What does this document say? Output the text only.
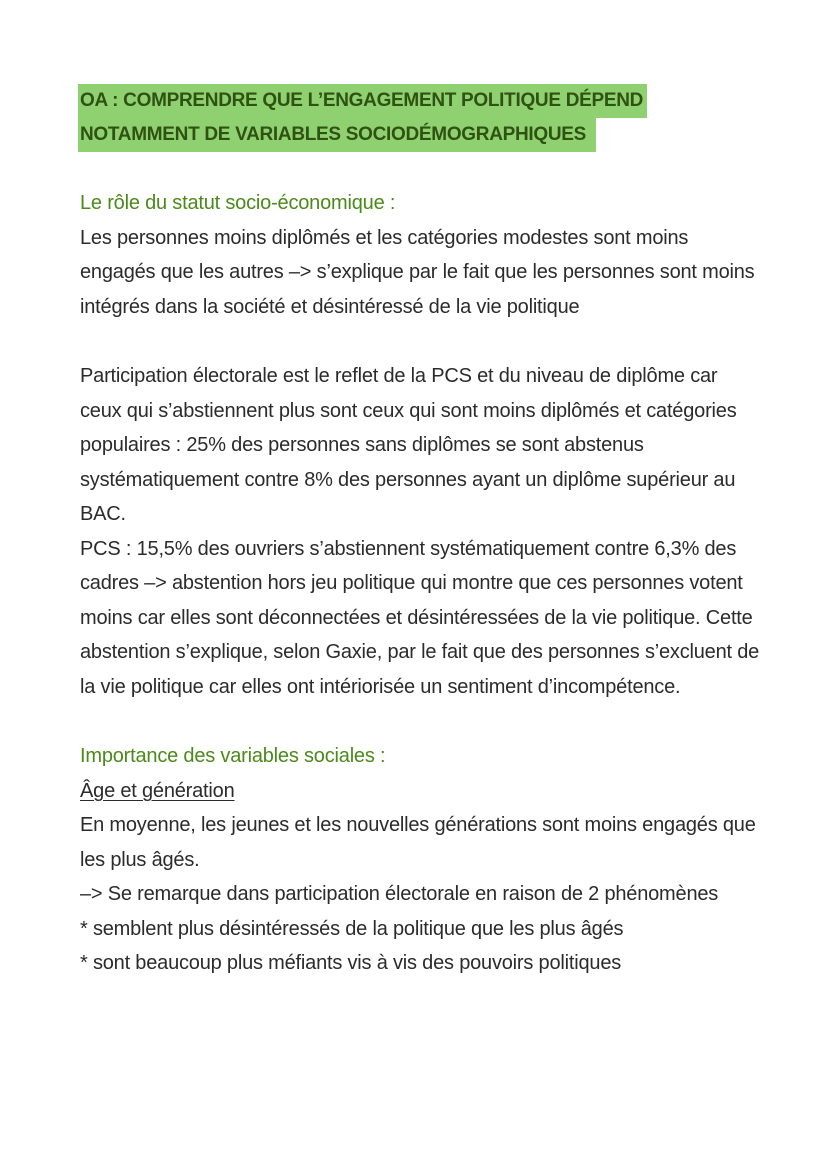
OA : COMPRENDRE QUE L’ENGAGEMENT POLITIQUE DÉPEND
NOTAMMENT DE VARIABLES SOCIODÉMOGRAPHIQUES
Le rôle du statut socio-économique :

Les personnes moins diplômés et les catégories modestes sont moins engagés que les autres –> s’explique par le fait que les personnes sont moins intégrés dans la société et désintéressé de la vie politique

Participation électorale est le reflet de la PCS et du niveau de diplôme car ceux qui s’abstiennent plus sont ceux qui sont moins diplômés et catégories populaires : 25% des personnes sans diplômes se sont abstenus systématiquement contre 8% des personnes ayant un diplôme supérieur au BAC.

PCS : 15,5% des ouvriers s’abstiennent systématiquement contre 6,3% des cadres –> abstention hors jeu politique qui montre que ces personnes votent moins car elles sont déconnectées et désintéressées de la vie politique. Cette abstention s’explique, selon Gaxie, par le fait que des personnes s’excluent de la vie politique car elles ont intériorisée un sentiment d’incompétence.

Importance des variables sociales :

Âge et génération

En moyenne, les jeunes et les nouvelles générations sont moins engagés que les plus âgés.

–> Se remarque dans participation électorale en raison de 2 phénomènes

* semblent plus désintéressés de la politique que les plus âgés

* sont beaucoup plus méfiants vis à vis des pouvoirs politiques
